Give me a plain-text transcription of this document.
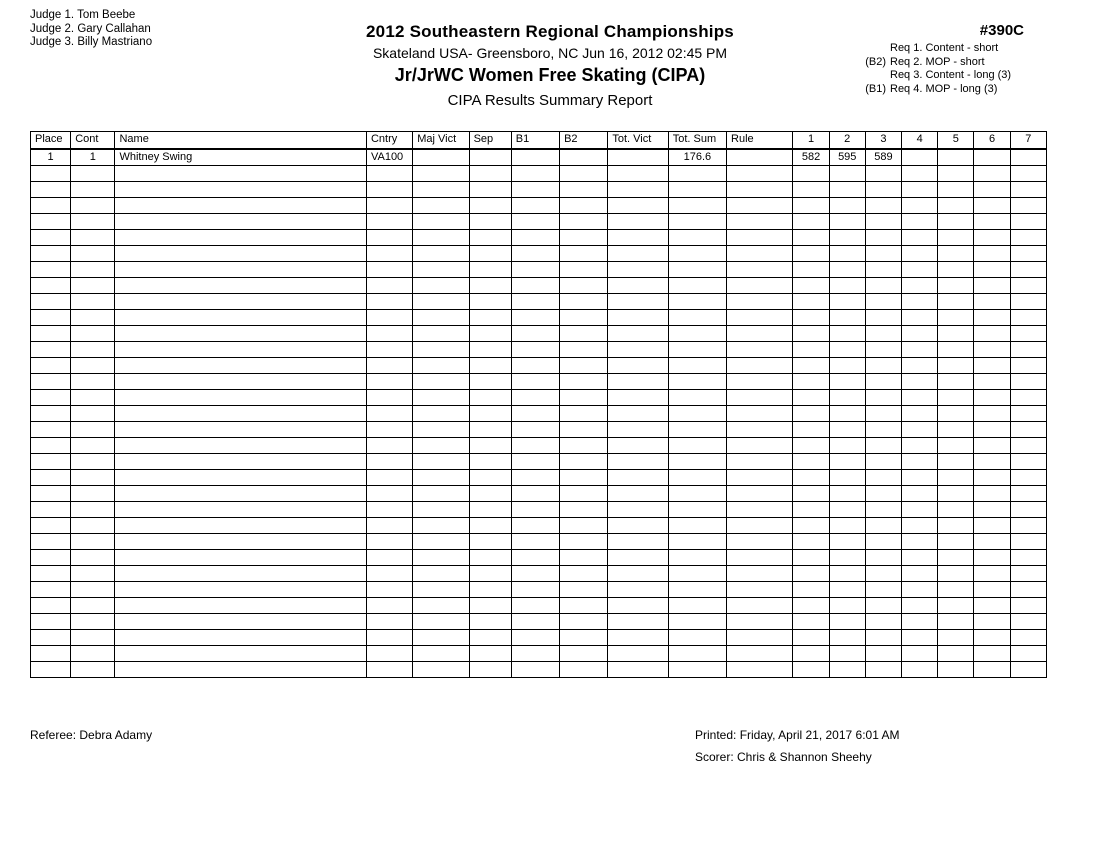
Judge 1. Tom Beebe
Judge 2. Gary Callahan
Judge 3. Billy Mastriano
2012 Southeastern Regional Championships
Skateland USA- Greensboro, NC Jun 16, 2012 02:45 PM
Jr/JrWC Women Free Skating (CIPA)
CIPA Results Summary Report
#390C
Req 1. Content - short
(B2) Req 2. MOP - short
Req 3. Content - long (3)
(B1) Req 4. MOP - long (3)
Place	Cont	Name	Cntry	Maj Vict	Sep	B1	B2	Tot. Vict	Tot. Sum	Rule	1	2	3	4	5	6	7
1	1	Whitney Swing	VA100						176.6		582	595	589				

Referee: Debra Adamy	Printed: Friday, April 21, 2017 6:01 AM
Scorer: Chris & Shannon Sheehy
